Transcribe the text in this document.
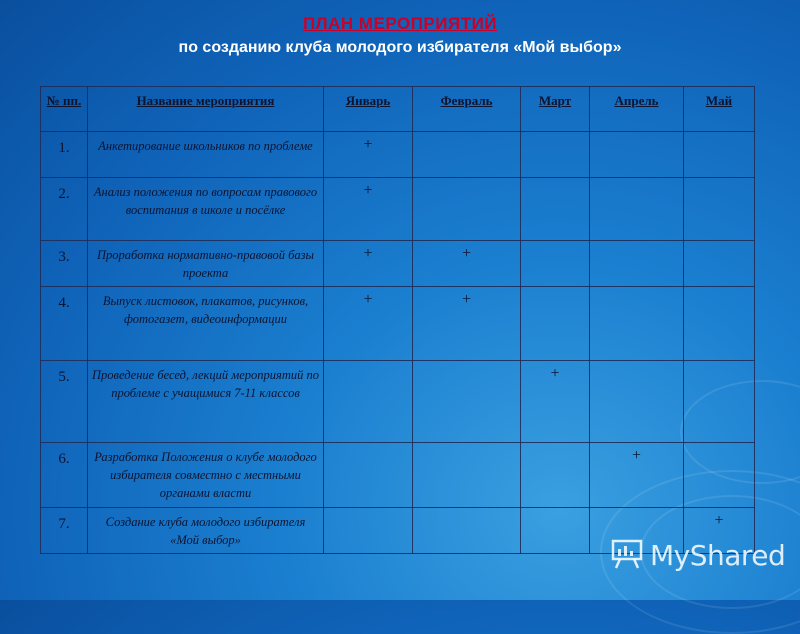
ПЛАН МЕРОПРИЯТИЙ
по созданию клуба молодого избирателя «Мой выбор»
№ пп.	Название мероприятия	Январь	Февраль	Март	Апрель	Май
1.	Анкетирование школьников по проблеме	+				
2.	Анализ положения по вопросам правового воспитания в школе и посёлке	+				
3.	Проработка нормативно-правовой базы проекта	+	+			
4.	Выпуск листовок, плакатов, рисунков, фотогазет, видеоинформации	+	+			
5.	Проведение бесед, лекций мероприятий по проблеме с учащимися 7-11 классов			+		
6.	Разработка Положения о клубе молодого избирателя совместно с местными органами власти				+	
7.	Создание клуба молодого избирателя «Мой выбор»					+
MyShared
